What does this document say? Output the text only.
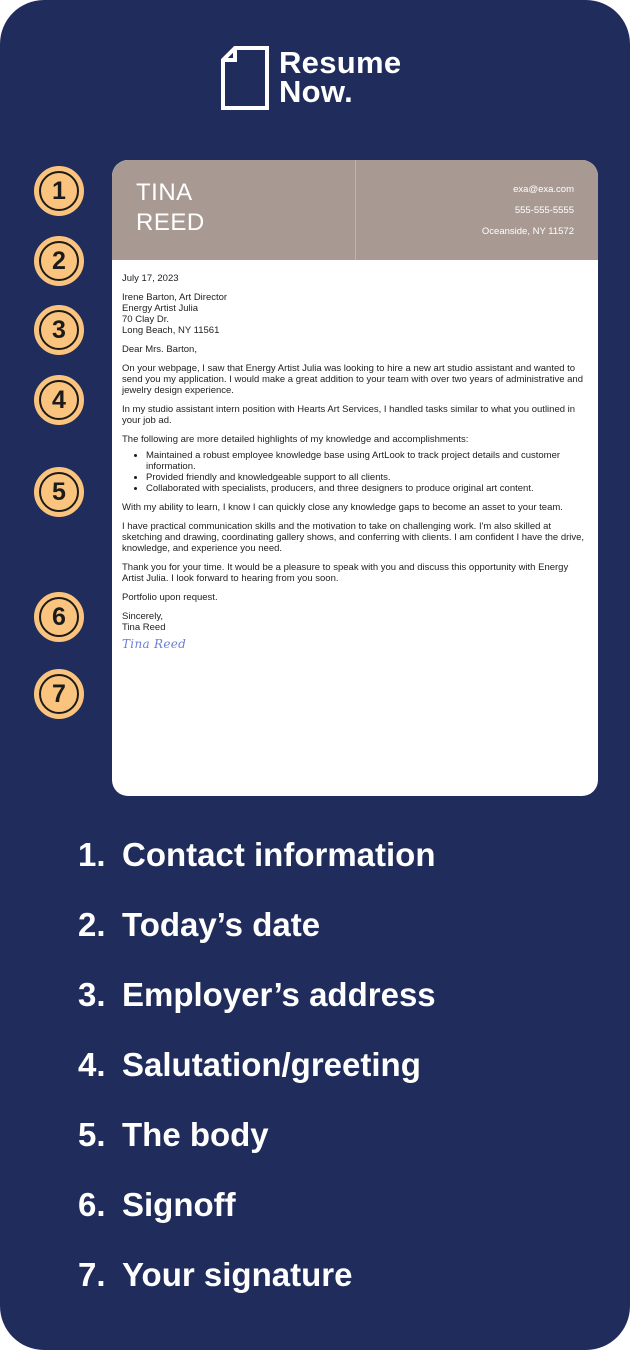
Resume
Now.
1
2
3
4
5
6
7
TINA
REED
exa@exa.com
555-555-5555
Oceanside, NY 11572

July 17, 2023

Irene Barton, Art Director
Energy Artist Julia
70 Clay Dr.
Long Beach, NY 11561

Dear Mrs. Barton,

On your webpage, I saw that Energy Artist Julia was looking to hire a new art studio assistant and wanted to send you my application. I would make a great addition to your team with over two years of administrative and jewelry design experience.

In my studio assistant intern position with Hearts Art Services, I handled tasks similar to what you outlined in your job ad.

The following are more detailed highlights of my knowledge and accomplishments:

• Maintained a robust employee knowledge base using ArtLook to track project details and customer information.
• Provided friendly and knowledgeable support to all clients.
• Collaborated with specialists, producers, and three designers to produce original art content.

With my ability to learn, I know I can quickly close any knowledge gaps to become an asset to your team.

I have practical communication skills and the motivation to take on challenging work. I'm also skilled at sketching and drawing, coordinating gallery shows, and conferring with clients. I am confident I have the drive, knowledge, and experience you need.

Thank you for your time. It would be a pleasure to speak with you and discuss this opportunity with Energy Artist Julia. I look forward to hearing from you soon.

Portfolio upon request.

Sincerely,
Tina Reed

Tina Reed
1. Contact information
2. Today’s date
3. Employer’s address
4. Salutation/greeting
5. The body
6. Signoff
7. Your signature
